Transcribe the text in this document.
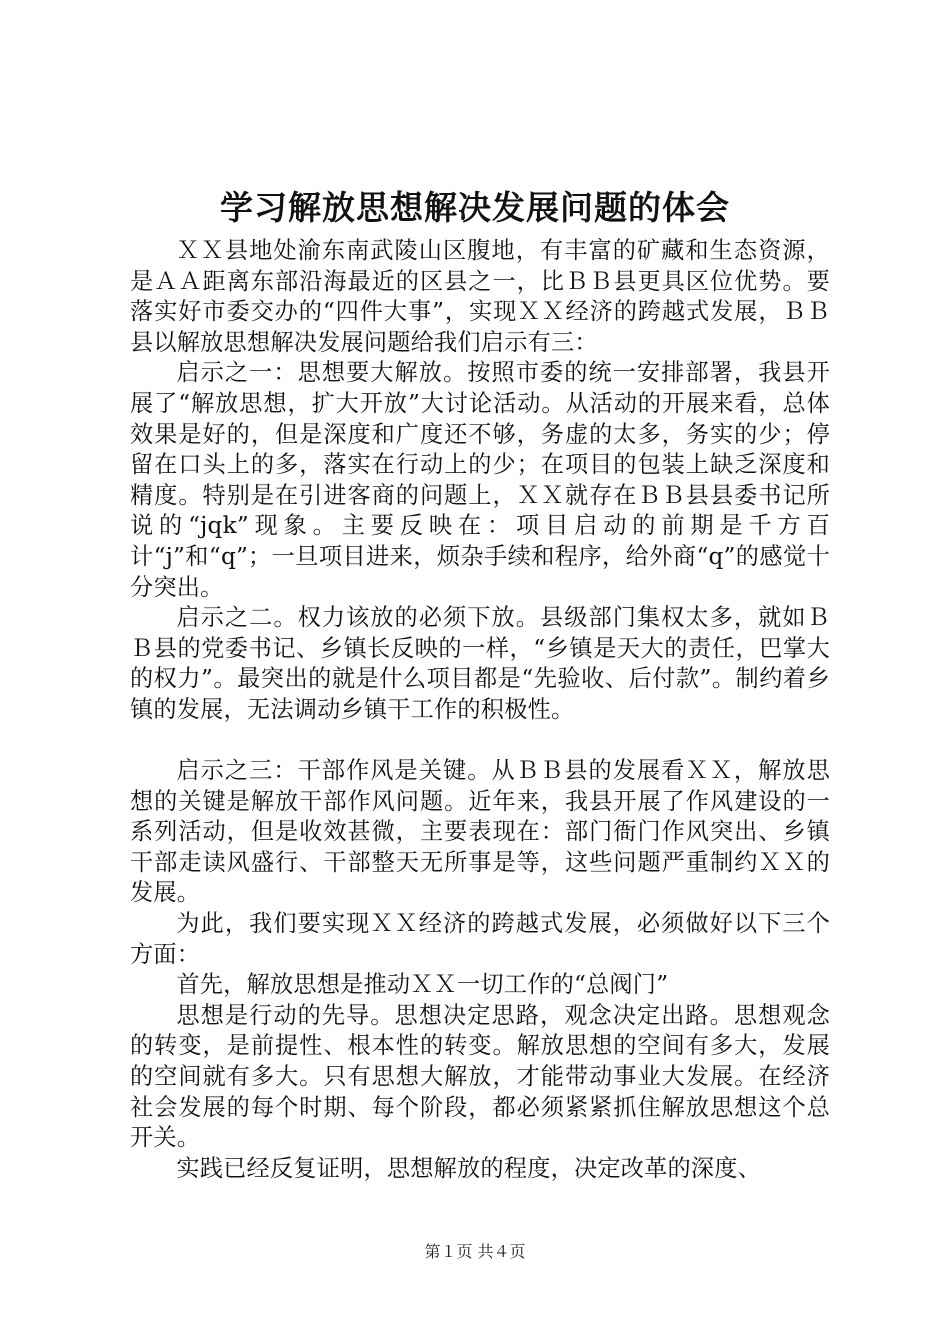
学习解放思想解决发展问题的体会

ＸＸ县地处渝东南武陵山区腹地，有丰富的矿藏和生态资源，是ＡＡ距离东部沿海最近的区县之一，比ＢＢ县更具区位优势。要落实好市委交办的“四件大事”，实现ＸＸ经济的跨越式发展，ＢＢ县以解放思想解决发展问题给我们启示有三：

启示之一：思想要大解放。按照市委的统一安排部署，我县开展了“解放思想，扩大开放”大讨论活动。从活动的开展来看，总体效果是好的，但是深度和广度还不够，务虚的太多，务实的少；停留在口头上的多，落实在行动上的少；在项目的包装上缺乏深度和精度。特别是在引进客商的问题上，ＸＸ就存在ＢＢ县县委书记所说的“jqk”现象。主要反映在：项目启动的前期是千方百计“j”和“q”；一旦项目进来，烦杂手续和程序，给外商“q”的感觉十分突出。

启示之二。权力该放的必须下放。县级部门集权太多，就如ＢＢ县的党委书记、乡镇长反映的一样，“乡镇是天大的责任，巴掌大的权力”。最突出的就是什么项目都是“先验收、后付款”。制约着乡镇的发展，无法调动乡镇干工作的积极性。

启示之三：干部作风是关键。从ＢＢ县的发展看ＸＸ，解放思想的关键是解放干部作风问题。近年来，我县开展了作风建设的一系列活动，但是收效甚微，主要表现在：部门衙门作风突出、乡镇干部走读风盛行、干部整天无所事是等，这些问题严重制约ＸＸ的发展。

为此，我们要实现ＸＸ经济的跨越式发展，必须做好以下三个方面：

首先，解放思想是推动ＸＸ一切工作的“总阀门”

思想是行动的先导。思想决定思路，观念决定出路。思想观念的转变，是前提性、根本性的转变。解放思想的空间有多大，发展的空间就有多大。只有思想大解放，才能带动事业大发展。在经济社会发展的每个时期、每个阶段，都必须紧紧抓住解放思想这个总开关。

实践已经反复证明，思想解放的程度，决定改革的深度、

第１页 共４页
